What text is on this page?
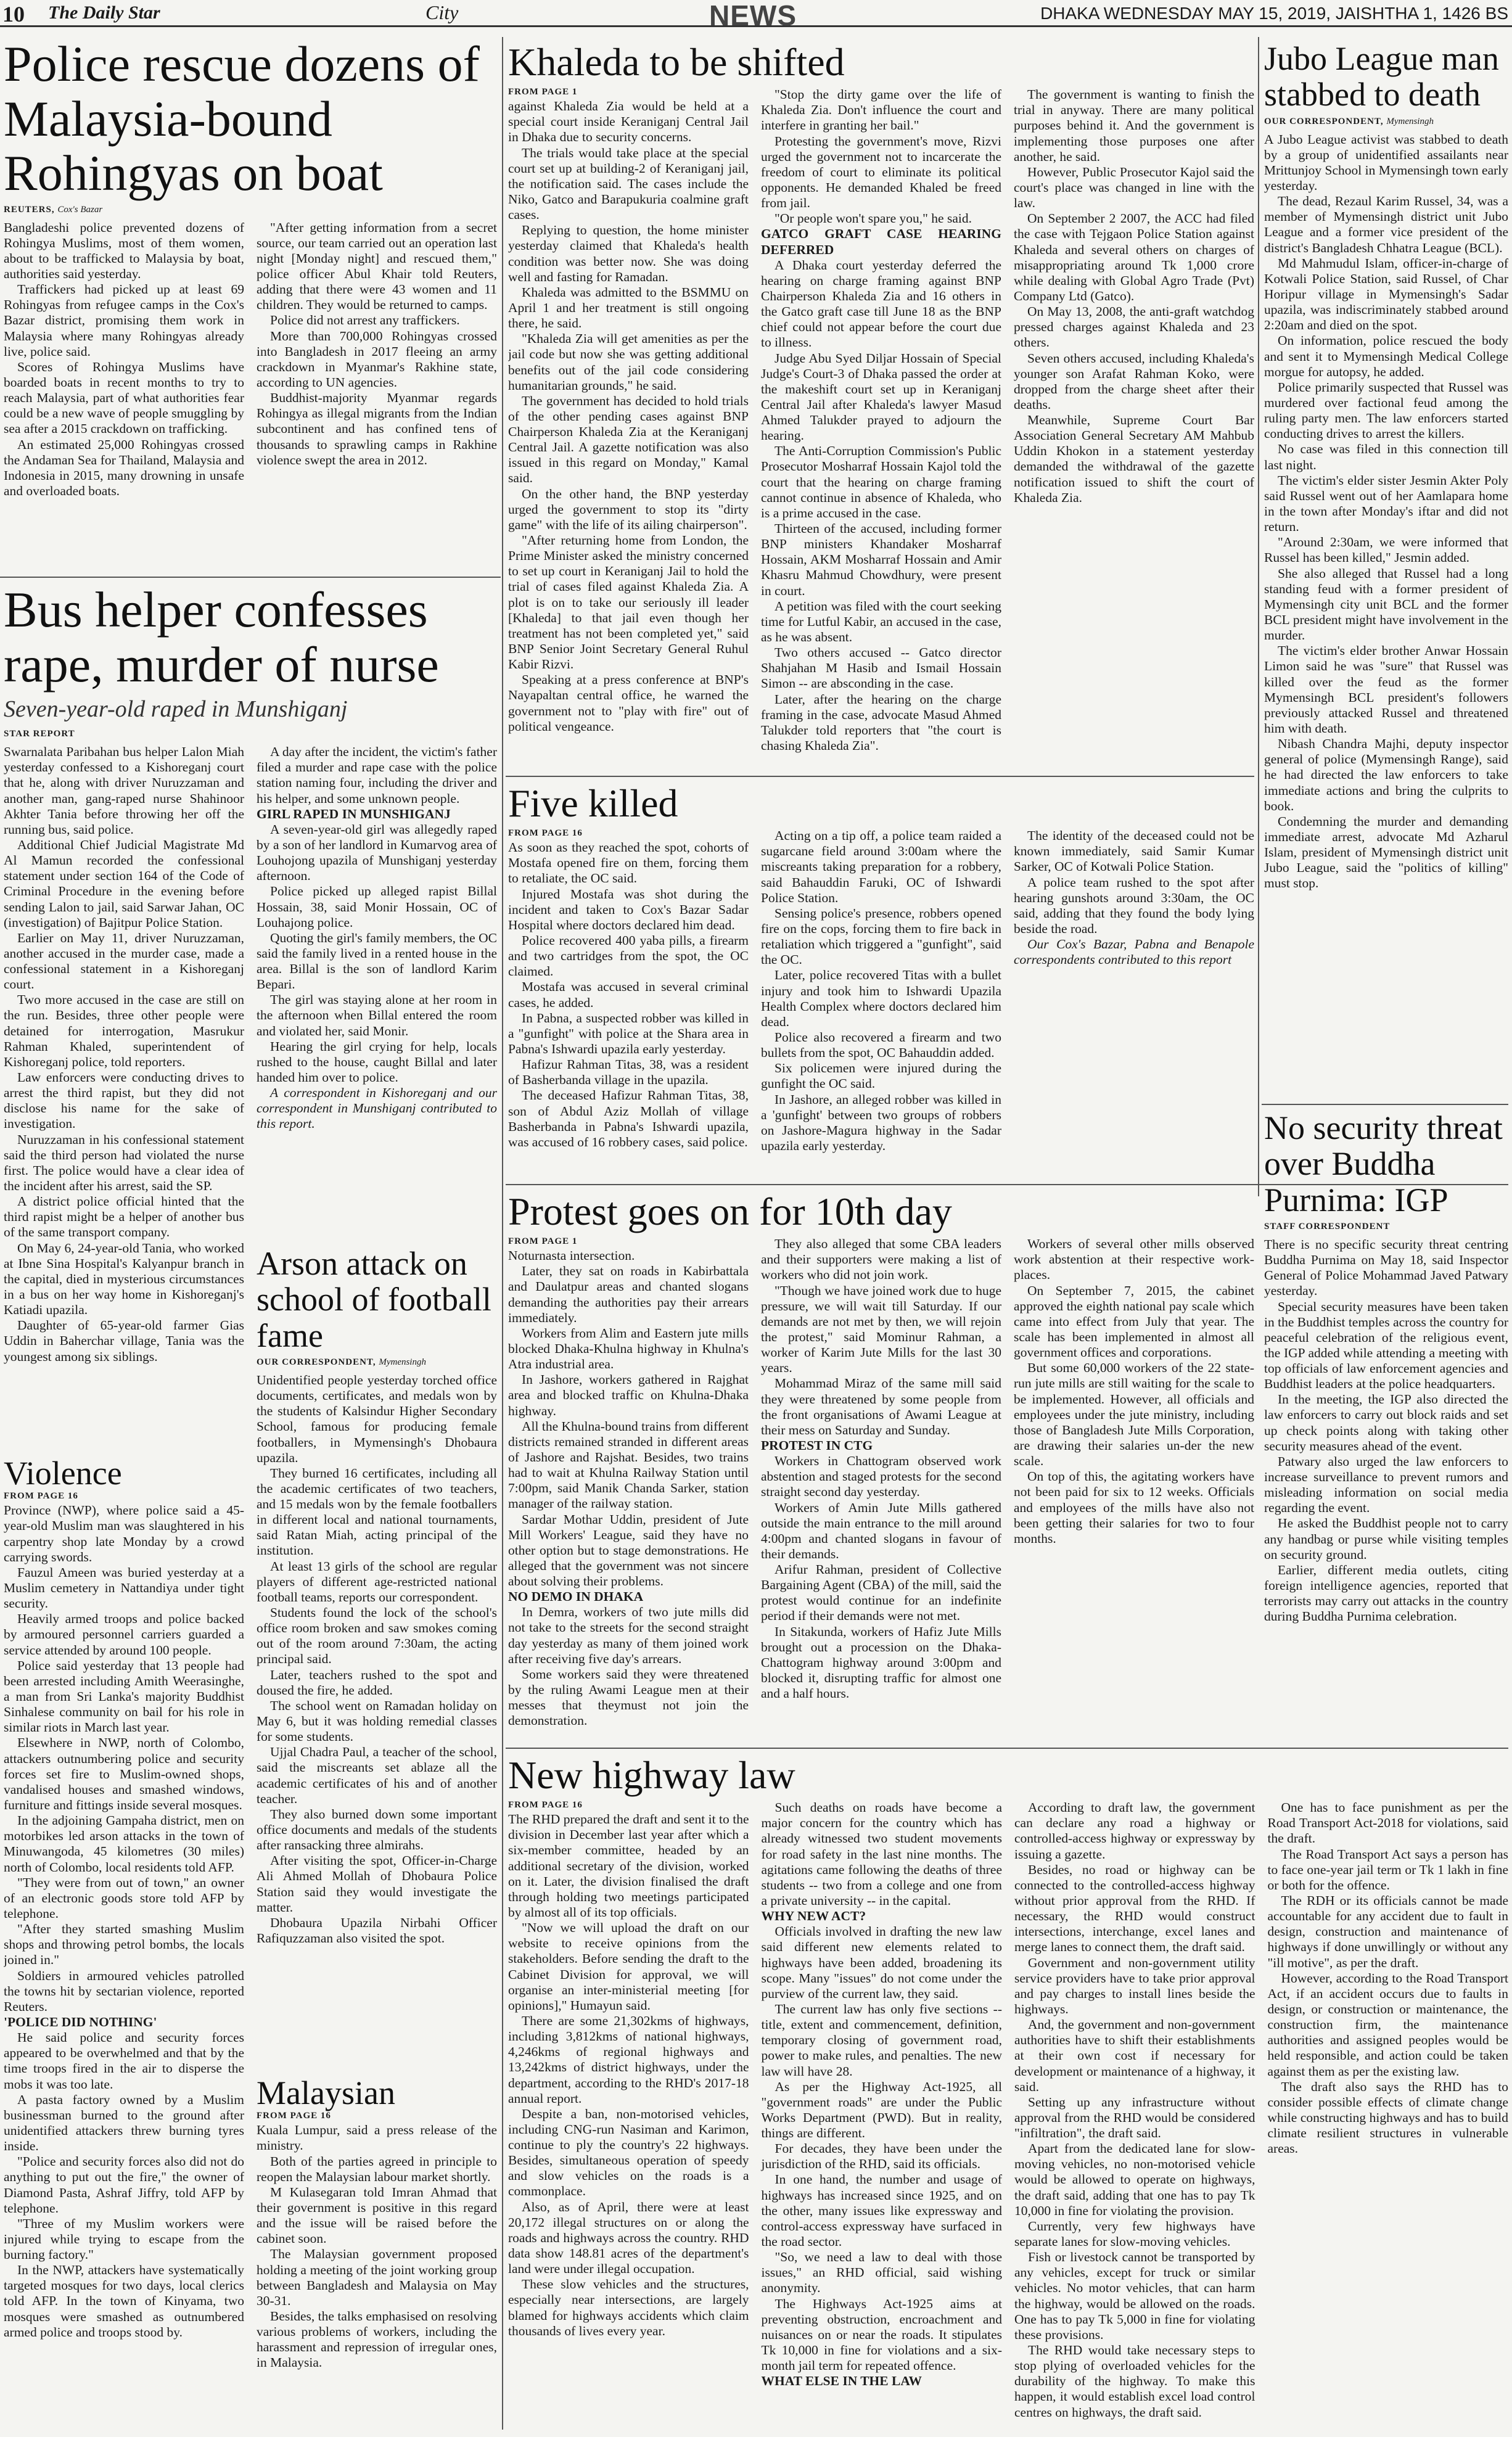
10 The Daily Star	City	NEWS	DHAKA WEDNESDAY MAY 15, 2019, JAISHTHA 1, 1426 BS
Police rescue dozens of Malaysia-bound Rohingyas on boat
REUTERS, Cox's Bazar

Bangladeshi police prevented dozens of Rohingya Muslims, most of them women, about to be trafficked to Malaysia by boat, authorities said yesterday.

Traffickers had picked up at least 69 Rohingyas from refugee camps in the Cox's Bazar district, promising them work in Malaysia where many Rohingyas already live, police said.

Scores of Rohingya Muslims have boarded boats in recent months to try to reach Malaysia, part of what authorities fear could be a new wave of people smuggling by sea after a 2015 crackdown on trafficking.

An estimated 25,000 Rohingyas crossed the Andaman Sea for Thailand, Malaysia and Indonesia in 2015, many drowning in unsafe and overloaded boats.

"After getting information from a secret source, our team carried out an operation last night [Monday night] and rescued them," police officer Abul Khair told Reuters, adding that there were 43 women and 11 children. They would be returned to camps.

Police did not arrest any traffickers.

More than 700,000 Rohingyas crossed into Bangladesh in 2017 fleeing an army crackdown in Myanmar's Rakhine state, according to UN agencies.

Buddhist-majority Myanmar regards Rohingya as illegal migrants from the Indian subcontinent and has confined tens of thousands to sprawling camps in Rakhine violence swept the area in 2012.

Bus helper confesses rape, murder of nurse
Seven-year-old raped in Munshiganj
STAR REPORT

Swarnalata Paribahan bus helper Lalon Miah yesterday confessed to a Kishoreganj court that he, along with driver Nuruzzaman and another man, gang-raped nurse Shahinoor Akhter Tania before throwing her off the running bus, said police.

Additional Chief Judicial Magistrate Md Al Mamun recorded the confessional statement under section 164 of the Code of Criminal Procedure in the evening before sending Lalon to jail, said Sarwar Jahan, OC (investigation) of Bajitpur Police Station.

Earlier on May 11, driver Nuruzzaman, another accused in the murder case, made a confessional statement in a Kishoreganj court.

Two more accused in the case are still on the run. Besides, three other people were detained for interrogation, Masrukur Rahman Khaled, superintendent of Kishoreganj police, told reporters.

Law enforcers were conducting drives to arrest the third rapist, but they did not disclose his name for the sake of investigation.

Nuruzzaman in his confessional statement said the third person had violated the nurse first. The police would have a clear idea of the incident after his arrest, said the SP.

A district police official hinted that the third rapist might be a helper of another bus of the same transport company.

On May 6, 24-year-old Tania, who worked at Ibne Sina Hospital's Kalyanpur branch in the capital, died in mysterious circumstances in a bus on her way home in Kishoreganj's Katiadi upazila.

Daughter of 65-year-old farmer Gias Uddin in Baherchar village, Tania was the youngest among six siblings.

A day after the incident, the victim's father filed a murder and rape case with the police station naming four, including the driver and his helper, and some unknown people.

GIRL RAPED IN MUNSHIGANJ

A seven-year-old girl was allegedly raped by a son of her landlord in Kumarvog area of Louhojong upazila of Munshiganj yesterday afternoon.

Police picked up alleged rapist Billal Hossain, 38, said Monir Hossain, OC of Louhajong police.

Quoting the girl's family members, the OC said the family lived in a rented house in the area. Billal is the son of landlord Karim Bepari.

The girl was staying alone at her room in the afternoon when Billal entered the room and violated her, said Monir.

Hearing the girl crying for help, locals rushed to the house, caught Billal and later handed him over to police.

A correspondent in Kishoreganj and our correspondent in Munshiganj contributed to this report.

Violence
FROM PAGE 16

Province (NWP), where police said a 45-year-old Muslim man was slaughtered in his carpentry shop late Monday by a crowd carrying swords.

Fauzul Ameen was buried yesterday at a Muslim cemetery in Nattandiya under tight security.

Heavily armed troops and police backed by armoured personnel carriers guarded a service attended by around 100 people.

Police said yesterday that 13 people had been arrested including Amith Weerasinghe, a man from Sri Lanka's majority Buddhist Sinhalese community on bail for his role in similar riots in March last year.

Elsewhere in NWP, north of Colombo, attackers outnumbering police and security forces set fire to Muslim-owned shops, vandalised houses and smashed windows, furniture and fittings inside several mosques.

In the adjoining Gampaha district, men on motorbikes led arson attacks in the town of Minuwangoda, 45 kilometres (30 miles) north of Colombo, local residents told AFP.

"They were from out of town," an owner of an electronic goods store told AFP by telephone.

"After they started smashing Muslim shops and throwing petrol bombs, the locals joined in."

Soldiers in armoured vehicles patrolled the towns hit by sectarian violence, reported Reuters.

'POLICE DID NOTHING'

He said police and security forces appeared to be overwhelmed and that by the time troops fired in the air to disperse the mobs it was too late.

A pasta factory owned by a Muslim businessman burned to the ground after unidentified attackers threw burning tyres inside.

"Police and security forces also did not do anything to put out the fire," the owner of Diamond Pasta, Ashraf Jiffry, told AFP by telephone.

"Three of my Muslim workers were injured while trying to escape from the burning factory."

In the NWP, attackers have systematically targeted mosques for two days, local clerics told AFP. In the town of Kinyama, two mosques were smashed as outnumbered armed police and troops stood by.

Arson attack on school of football fame
OUR CORRESPONDENT, Mymensingh

Unidentified people yesterday torched office documents, certificates, and medals won by the students of Kalsindur Higher Secondary School, famous for producing female footballers, in Mymensingh's Dhobaura upazila.

They burned 16 certificates, including all the academic certificates of two teachers, and 15 medals won by the female footballers in different local and national tournaments, said Ratan Miah, acting principal of the institution.

At least 13 girls of the school are regular players of different age-restricted national football teams, reports our correspondent.

Students found the lock of the school's office room broken and saw smokes coming out of the room around 7:30am, the acting principal said.

Later, teachers rushed to the spot and doused the fire, he added.

The school went on Ramadan holiday on May 6, but it was holding remedial classes for some students.

Ujjal Chadra Paul, a teacher of the school, said the miscreants set ablaze all the academic certificates of his and of another teacher.

They also burned down some important office documents and medals of the students after ransacking three almirahs.

After visiting the spot, Officer-in-Charge Ali Ahmed Mollah of Dhobaura Police Station said they would investigate the matter.

Dhobaura Upazila Nirbahi Officer Rafiquzzaman also visited the spot.

Malaysian
FROM PAGE 16

Kuala Lumpur, said a press release of the ministry.

Both of the parties agreed in principle to reopen the Malaysian labour market shortly.

M Kulasegaran told Imran Ahmad that their government is positive in this regard and the issue will be raised before the cabinet soon.

The Malaysian government proposed holding a meeting of the joint working group between Bangladesh and Malaysia on May 30-31.

Besides, the talks emphasised on resolving various problems of workers, including the harassment and repression of irregular ones, in Malaysia.

Khaleda to be shifted
FROM PAGE 1

against Khaleda Zia would be held at a special court inside Keraniganj Central Jail in Dhaka due to security concerns.

The trials would take place at the special court set up at building-2 of Keraniganj jail, the notification said. The cases include the Niko, Gatco and Barapukuria coalmine graft cases.

Replying to question, the home minister yesterday claimed that Khaleda's health condition was better now. She was doing well and fasting for Ramadan.

Khaleda was admitted to the BSMMU on April 1 and her treatment is still ongoing there, he said.

"Khaleda Zia will get amenities as per the jail code but now she was getting additional benefits out of the jail code considering humanitarian grounds," he said.

The government has decided to hold trials of the other pending cases against BNP Chairperson Khaleda Zia at the Keraniganj Central Jail. A gazette notification was also issued in this regard on Monday," Kamal said.

On the other hand, the BNP yesterday urged the government to stop its "dirty game" with the life of its ailing chairperson".

"After returning home from London, the Prime Minister asked the ministry concerned to set up court in Keraniganj Jail to hold the trial of cases filed against Khaleda Zia. A plot is on to take our seriously ill leader [Khaleda] to that jail even though her treatment has not been completed yet," said BNP Senior Joint Secretary General Ruhul Kabir Rizvi.

Speaking at a press conference at BNP's Nayapaltan central office, he warned the government not to "play with fire" out of political vengeance.

"Stop the dirty game over the life of Khaleda Zia. Don't influence the court and interfere in granting her bail."

Protesting the government's move, Rizvi urged the government not to incarcerate the freedom of court to eliminate its political opponents. He demanded Khaled be freed from jail.

"Or people won't spare you," he said.

GATCO GRAFT CASE HEARING DEFERRED

A Dhaka court yesterday deferred the hearing on charge framing against BNP Chairperson Khaleda Zia and 16 others in the Gatco graft case till June 18 as the BNP chief could not appear before the court due to illness.

Judge Abu Syed Diljar Hossain of Special Judge's Court-3 of Dhaka passed the order at the makeshift court set up in Keraniganj Central Jail after Khaleda's lawyer Masud Ahmed Talukder prayed to adjourn the hearing.

The Anti-Corruption Commission's Public Prosecutor Mosharraf Hossain Kajol told the court that the hearing on charge framing cannot continue in absence of Khaleda, who is a prime accused in the case.

Thirteen of the accused, including former BNP ministers Khandaker Mosharraf Hossain, AKM Mosharraf Hossain and Amir Khasru Mahmud Chowdhury, were present in court.

A petition was filed with the court seeking time for Lutful Kabir, an accused in the case, as he was absent.

Two others accused -- Gatco director Shahjahan M Hasib and Ismail Hossain Simon -- are absconding in the case.

Later, after the hearing on the charge framing in the case, advocate Masud Ahmed Talukder told reporters that "the court is chasing Khaleda Zia".

The government is wanting to finish the trial in anyway. There are many political purposes behind it. And the government is implementing those purposes one after another, he said.

However, Public Prosecutor Kajol said the court's place was changed in line with the law.

On September 2 2007, the ACC had filed the case with Tejgaon Police Station against Khaleda and several others on charges of misappropriating around Tk 1,000 crore while dealing with Global Agro Trade (Pvt) Company Ltd (Gatco).

On May 13, 2008, the anti-graft watchdog pressed charges against Khaleda and 23 others.

Seven others accused, including Khaleda's younger son Arafat Rahman Koko, were dropped from the charge sheet after their deaths.

Meanwhile, Supreme Court Bar Association General Secretary AM Mahbub Uddin Khokon in a statement yesterday demanded the withdrawal of the gazette notification issued to shift the court of Khaleda Zia.

Jubo League man stabbed to death
OUR CORRESPONDENT, Mymensingh

A Jubo League activist was stabbed to death by a group of unidentified assailants near Mrittunjoy School in Mymensingh town early yesterday.

The dead, Rezaul Karim Russel, 34, was a member of Mymensingh district unit Jubo League and a former vice president of the district's Bangladesh Chhatra League (BCL).

Md Mahmudul Islam, officer-in-charge of Kotwali Police Station, said Russel, of Char Horipur village in Mymensingh's Sadar upazila, was indiscriminately stabbed around 2:20am and died on the spot.

On information, police rescued the body and sent it to Mymensingh Medical College morgue for autopsy, he added.

Police primarily suspected that Russel was murdered over factional feud among the ruling party men. The law enforcers started conducting drives to arrest the killers.

No case was filed in this connection till last night.

The victim's elder sister Jesmin Akter Poly said Russel went out of her Aamlapara home in the town after Monday's iftar and did not return.

"Around 2:30am, we were informed that Russel has been killed," Jesmin added.

She also alleged that Russel had a long standing feud with a former president of Mymensingh city unit BCL and the former BCL president might have involvement in the murder.

The victim's elder brother Anwar Hossain Limon said he was "sure" that Russel was killed over the feud as the former Mymensingh BCL president's followers previously attacked Russel and threatened him with death.

Nibash Chandra Majhi, deputy inspector general of police (Mymensingh Range), said he had directed the law enforcers to take immediate actions and bring the culprits to book.

Condemning the murder and demanding immediate arrest, advocate Md Azharul Islam, president of Mymensingh district unit Jubo League, said the "politics of killing" must stop.

No security threat over Buddha Purnima: IGP
STAFF CORRESPONDENT

There is no specific security threat centring Buddha Purnima on May 18, said Inspector General of Police Mohammad Javed Patwary yesterday.

Special security measures have been taken in the Buddhist temples across the country for peaceful celebration of the religious event, the IGP added while attending a meeting with top officials of law enforcement agencies and Buddhist leaders at the police headquarters.

In the meeting, the IGP also directed the law enforcers to carry out block raids and set up check points along with taking other security measures ahead of the event.

Patwary also urged the law enforcers to increase surveillance to prevent rumors and misleading information on social media regarding the event.

He asked the Buddhist people not to carry any handbag or purse while visiting temples on security ground.

Earlier, different media outlets, citing foreign intelligence agencies, reported that terrorists may carry out attacks in the country during Buddha Purnima celebration.

Five killed
FROM PAGE 16

As soon as they reached the spot, cohorts of Mostafa opened fire on them, forcing them to retaliate, the OC said.

Injured Mostafa was shot during the incident and taken to Cox's Bazar Sadar Hospital where doctors declared him dead.

Police recovered 400 yaba pills, a firearm and two cartridges from the spot, the OC claimed.

Mostafa was accused in several criminal cases, he added.

In Pabna, a suspected robber was killed in a "gunfight" with police at the Shara area in Pabna's Ishwardi upazila early yesterday.

Hafizur Rahman Titas, 38, was a resident of Basherbanda village in the upazila.

The deceased Hafizur Rahman Titas, 38, son of Abdul Aziz Mollah of village Basherbanda in Pabna's Ishwardi upazila, was accused of 16 robbery cases, said police.

Acting on a tip off, a police team raided a sugarcane field around 3:00am where the miscreants taking preparation for a robbery, said Bahauddin Faruki, OC of Ishwardi Police Station.

Sensing police's presence, robbers opened fire on the cops, forcing them to fire back in retaliation which triggered a "gunfight", said the OC.

Later, police recovered Titas with a bullet injury and took him to Ishwardi Upazila Health Complex where doctors declared him dead.

Police also recovered a firearm and two bullets from the spot, OC Bahauddin added.

Six policemen were injured during the gunfight the OC said.

In Jashore, an alleged robber was killed in a 'gunfight' between two groups of robbers on Jashore-Magura highway in the Sadar upazila early yesterday.

The identity of the deceased could not be known immediately, said Samir Kumar Sarker, OC of Kotwali Police Station.

A police team rushed to the spot after hearing gunshots around 3:30am, the OC said, adding that they found the body lying beside the road.

Our Cox's Bazar, Pabna and Benapole correspondents contributed to this report

Protest goes on for 10th day
FROM PAGE 1

Noturnasta intersection.

Later, they sat on roads in Kabirbattala and Daulatpur areas and chanted slogans demanding the authorities pay their arrears immediately.

Workers from Alim and Eastern jute mills blocked Dhaka-Khulna highway in Khulna's Atra industrial area.

In Jashore, workers gathered in Rajghat area and blocked traffic on Khulna-Dhaka highway.

All the Khulna-bound trains from different districts remained stranded in different areas of Jashore and Rajshat. Besides, two trains had to wait at Khulna Railway Station until 7:00pm, said Manik Chanda Sarker, station manager of the railway station.

Sardar Mothar Uddin, president of Jute Mill Workers' League, said they have no other option but to stage demonstrations. He alleged that the government was not sincere about solving their problems.

NO DEMO IN DHAKA

In Demra, workers of two jute mills did not take to the streets for the second straight day yesterday as many of them joined work after receiving five day's arrears.

Some workers said they were threatened by the ruling Awami League men at their messes that theymust not join the demonstration.

They also alleged that some CBA leaders and their supporters were making a list of workers who did not join work.

"Though we have joined work due to huge pressure, we will wait till Saturday. If our demands are not met by then, we will rejoin the protest," said Mominur Rahman, a worker of Karim Jute Mills for the last 30 years.

Mohammad Miraz of the same mill said they were threatened by some people from the front organisations of Awami League at their mess on Saturday and Sunday.

PROTEST IN CTG

Workers in Chattogram observed work abstention and staged protests for the second straight second day yesterday.

Workers of Amin Jute Mills gathered outside the main entrance to the mill around 4:00pm and chanted slogans in favour of their demands.

Arifur Rahman, president of Collective Bargaining Agent (CBA) of the mill, said the protest would continue for an indefinite period if their demands were not met.

In Sitakunda, workers of Hafiz Jute Mills brought out a procession on the Dhaka-Chattogram highway around 3:00pm and blocked it, disrupting traffic for almost one and a half hours.

Workers of several other mills observed work abstention at their respective work-places.

On September 7, 2015, the cabinet approved the eighth national pay scale which came into effect from July that year. The scale has been implemented in almost all government offices and corporations.

But some 60,000 workers of the 22 state-run jute mills are still waiting for the scale to be implemented. However, all officials and employees under the jute ministry, including those of Bangladesh Jute Mills Corporation, are drawing their salaries un-der the new scale.

On top of this, the agitating workers have not been paid for six to 12 weeks. Officials and employees of the mills have also not been getting their salaries for two to four months.

New highway law
FROM PAGE 16

The RHD prepared the draft and sent it to the division in December last year after which a six-member committee, headed by an additional secretary of the division, worked on it. Later, the division finalised the draft through holding two meetings participated by almost all of its top officials.

"Now we will upload the draft on our website to receive opinions from the stakeholders. Before sending the draft to the Cabinet Division for approval, we will organise an inter-ministerial meeting [for opinions]," Humayun said.

There are some 21,302kms of highways, including 3,812kms of national highways, 4,246kms of regional highways and 13,242kms of district highways, under the department, according to the RHD's 2017-18 annual report.

Despite a ban, non-motorised vehicles, including CNG-run Nasiman and Karimon, continue to ply the country's 22 highways. Besides, simultaneous operation of speedy and slow vehicles on the roads is a commonplace.

Also, as of April, there were at least 20,172 illegal structures on or along the roads and highways across the country. RHD data show 148.81 acres of the department's land were under illegal occupation.

These slow vehicles and the structures, especially near intersections, are largely blamed for highways accidents which claim thousands of lives every year.

Such deaths on roads have become a major concern for the country which has already witnessed two student movements for road safety in the last nine months. The agitations came following the deaths of three students -- two from a college and one from a private university -- in the capital.

WHY NEW ACT?

Officials involved in drafting the new law said different new elements related to highways have been added, broadening its scope. Many "issues" do not come under the purview of the current law, they said.

The current law has only five sections -- title, extent and commencement, definition, temporary closing of government road, power to make rules, and penalties. The new law will have 28.

As per the Highway Act-1925, all "government roads" are under the Public Works Department (PWD). But in reality, things are different.

For decades, they have been under the jurisdiction of the RHD, said its officials.

In one hand, the number and usage of highways has increased since 1925, and on the other, many issues like expressway and control-access expressway have surfaced in the road sector.

"So, we need a law to deal with those issues," an RHD official, said wishing anonymity.

The Highways Act-1925 aims at preventing obstruction, encroachment and nuisances on or near the roads. It stipulates Tk 10,000 in fine for violations and a six-month jail term for repeated offence.

WHAT ELSE IN THE LAW

According to draft law, the government can declare any road a highway or controlled-access highway or expressway by issuing a gazette.

Besides, no road or highway can be connected to the controlled-access highway without prior approval from the RHD. If necessary, the RHD would construct intersections, interchange, excel lanes and merge lanes to connect them, the draft said.

Government and non-government utility service providers have to take prior approval and pay charges to install lines beside the highways.

And, the government and non-government authorities have to shift their establishments at their own cost if necessary for development or maintenance of a highway, it said.

Setting up any infrastructure without approval from the RHD would be considered "infiltration", the draft said.

Apart from the dedicated lane for slow-moving vehicles, no non-motorised vehicle would be allowed to operate on highways, the draft said, adding that one has to pay Tk 10,000 in fine for violating the provision.

Currently, very few highways have separate lanes for slow-moving vehicles.

Fish or livestock cannot be transported by any vehicles, except for truck or similar vehicles. No motor vehicles, that can harm the highway, would be allowed on the roads. One has to pay Tk 5,000 in fine for violating these provisions.

The RHD would take necessary steps to stop plying of overloaded vehicles for the durability of the highway. To make this happen, it would establish excel load control centres on highways, the draft said.

One has to face punishment as per the Road Transport Act-2018 for violations, said the draft.

The Road Transport Act says a person has to face one-year jail term or Tk 1 lakh in fine or both for the offence.

The RDH or its officials cannot be made accountable for any accident due to fault in design, construction and maintenance of highways if done unwillingly or without any "ill motive", as per the draft.

However, according to the Road Transport Act, if an accident occurs due to faults in design, or construction or maintenance, the construction firm, the maintenance authorities and assigned peoples would be held responsible, and action could be taken against them as per the existing law.

The draft also says the RHD has to consider possible effects of climate change while constructing highways and has to build climate resilient structures in vulnerable areas.
